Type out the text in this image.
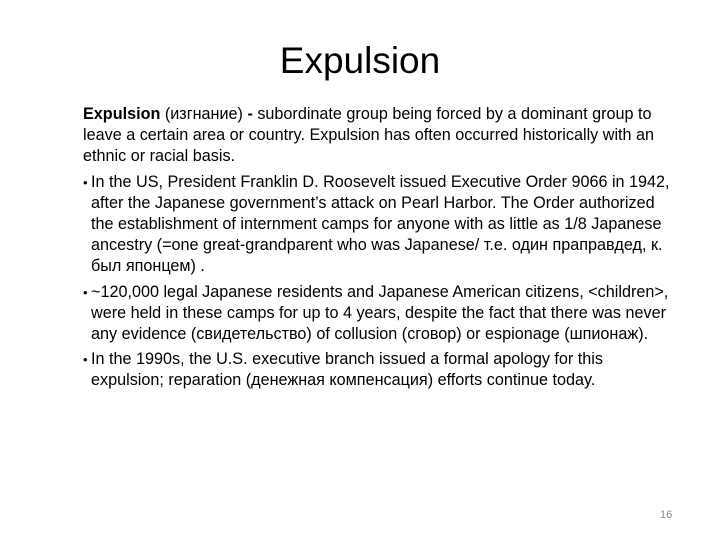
Expulsion
Expulsion (изгнание) - subordinate group being forced by a dominant group to leave a certain area or country. Expulsion has often occurred historically with an ethnic or racial basis.
• In the US, President Franklin D. Roosevelt issued Executive Order 9066 in 1942, after the Japanese government’s attack on Pearl Harbor. The Order authorized the establishment of internment camps for anyone with as little as 1/8 Japanese ancestry (=one great-grandparent who was Japanese/ т.е. один праправдед, к. был японцем) .
• ~120,000 legal Japanese residents and Japanese American citizens, <children>, were held in these camps for up to 4 years, despite the fact that there was never any evidence (свидетельство) of collusion (сговор) or espionage (шпионаж).
• In the 1990s, the U.S. executive branch issued a formal apology for this expulsion; reparation (денежная компенсация) efforts continue today.
16
